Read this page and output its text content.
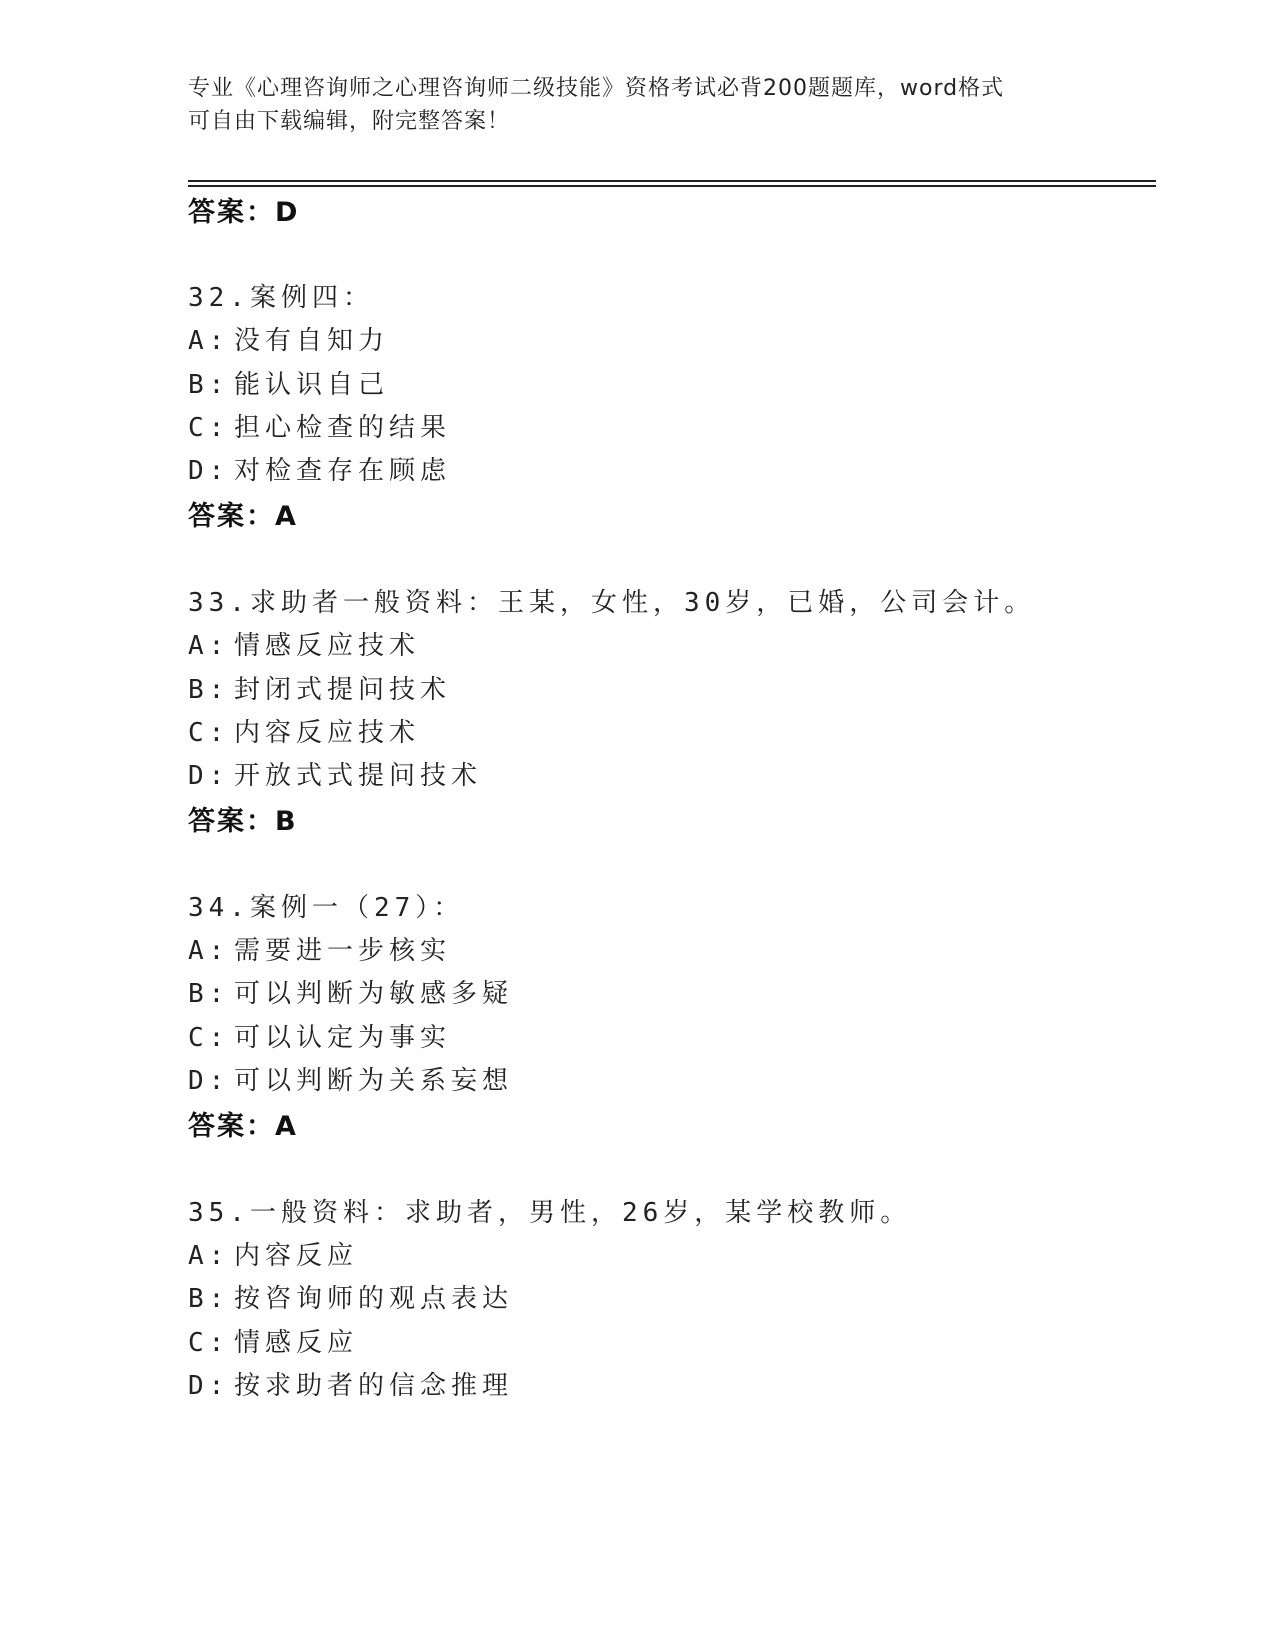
专业《心理咨询师之心理咨询师二级技能》资格考试必背200题题库，word格式
可自由下载编辑，附完整答案！
答案：D
32.案例四：
A: 没有自知力
B: 能认识自己
C: 担心检查的结果
D: 对检查存在顾虑
答案：A
33.求助者一般资料：王某，女性，30岁，已婚，公司会计。
A: 情感反应技术
B: 封闭式提问技术
C: 内容反应技术
D: 开放式式提问技术
答案：B
34.案例一（27）：
A: 需要进一步核实
B: 可以判断为敏感多疑
C: 可以认定为事实
D: 可以判断为关系妄想
答案：A
35.一般资料：求助者，男性，26岁，某学校教师。
A: 内容反应
B: 按咨询师的观点表达
C: 情感反应
D: 按求助者的信念推理
